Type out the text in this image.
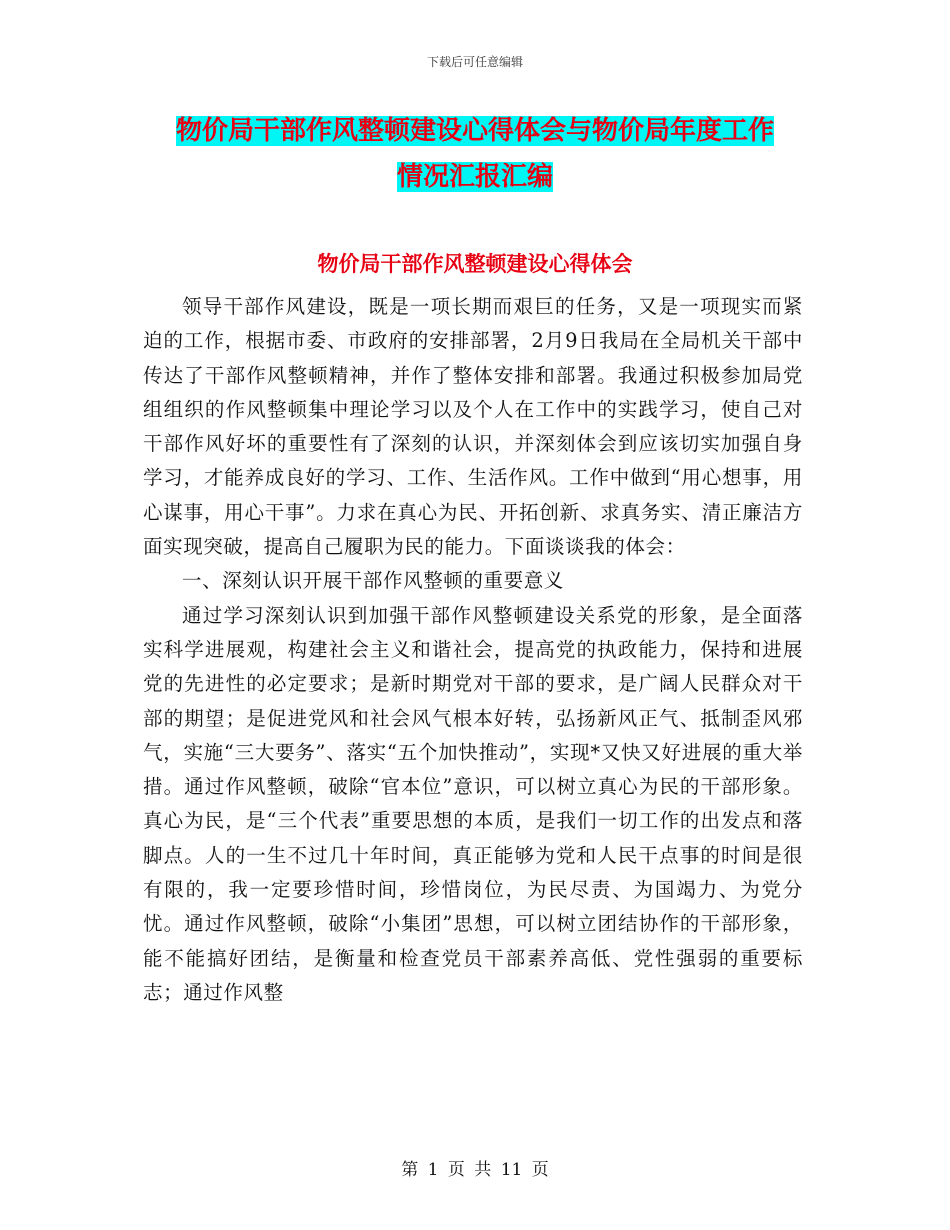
下载后可任意编辑
物价局干部作风整顿建设心得体会与物价局年度工作
情况汇报汇编
物价局干部作风整顿建设心得体会

领导干部作风建设，既是一项长期而艰巨的任务，又是一项现实而紧迫的工作，根据市委、市政府的安排部署，2月9日我局在全局机关干部中传达了干部作风整顿精神，并作了整体安排和部署。我通过积极参加局党组组织的作风整顿集中理论学习以及个人在工作中的实践学习，使自己对干部作风好坏的重要性有了深刻的认识，并深刻体会到应该切实加强自身学习，才能养成良好的学习、工作、生活作风。工作中做到“用心想事，用心谋事，用心干事”。力求在真心为民、开拓创新、求真务实、清正廉洁方面实现突破，提高自己履职为民的能力。下面谈谈我的体会：

一、深刻认识开展干部作风整顿的重要意义

通过学习深刻认识到加强干部作风整顿建设关系党的形象，是全面落实科学进展观，构建社会主义和谐社会，提高党的执政能力，保持和进展党的先进性的必定要求；是新时期党对干部的要求，是广阔人民群众对干部的期望；是促进党风和社会风气根本好转，弘扬新风正气、抵制歪风邪气，实施“三大要务”、落实“五个加快推动”，实现*又快又好进展的重大举措。通过作风整顿，破除“官本位”意识，可以树立真心为民的干部形象。真心为民，是“三个代表”重要思想的本质，是我们一切工作的出发点和落脚点。人的一生不过几十年时间，真正能够为党和人民干点事的时间是很有限的，我一定要珍惜时间，珍惜岗位，为民尽责、为国竭力、为党分忧。通过作风整顿，破除“小集团”思想，可以树立团结协作的干部形象，能不能搞好团结，是衡量和检查党员干部素养高低、党性强弱的重要标志；通过作风整

第 1 页 共 11 页
